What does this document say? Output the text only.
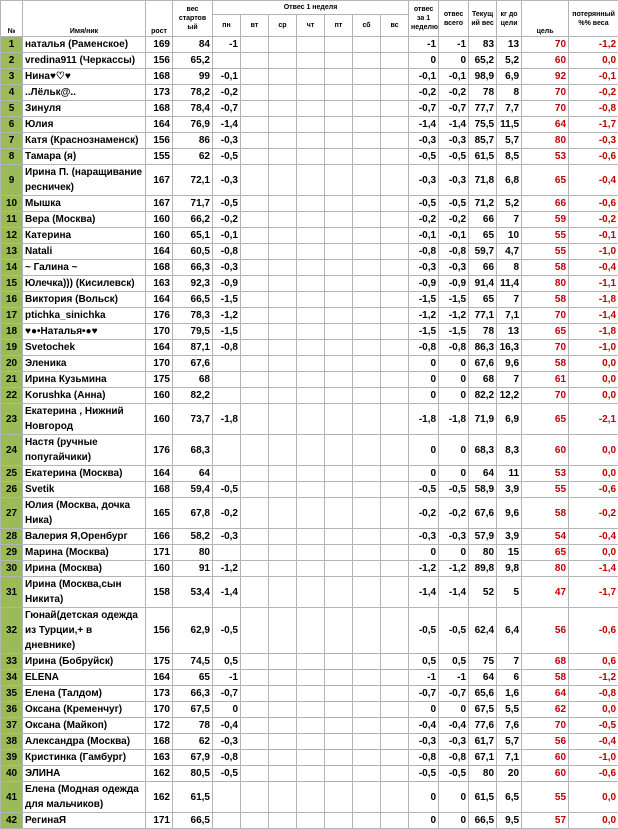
№	Имя/ник	рост	вес стартов ый	Отвес 1 неделя							отвес за 1 неделю	отвес всего	Текущ ий вес	кг до цели	цель	потерянный %% веса
				пн	вт	ср	чт	пт	сб	вс						
1	наталья (Раменское)	169	84	-1							-1	-1	83	13	70	-1,2
2	vredina911 (Черкассы)	156	65,2								0	0	65,2	5,2	60	0,0
3	Нина♥♡♥	168	99	-0,1							-0,1	-0,1	98,9	6,9	92	-0,1
4	..Лёльк@..	173	78,2	-0,2							-0,2	-0,2	78	8	70	-0,2
5	Зинуля	168	78,4	-0,7							-0,7	-0,7	77,7	7,7	70	-0,8
6	Юлия	164	76,9	-1,4							-1,4	-1,4	75,5	11,5	64	-1,7
7	Катя (Краснознаменск)	156	86	-0,3							-0,3	-0,3	85,7	5,7	80	-0,3
8	Тамара (я)	155	62	-0,5							-0,5	-0,5	61,5	8,5	53	-0,6
9	Ирина П. (наращивание ресничек)	167	72,1	-0,3							-0,3	-0,3	71,8	6,8	65	-0,4
10	Мышка	167	71,7	-0,5							-0,5	-0,5	71,2	5,2	66	-0,6
11	Вера (Москва)	160	66,2	-0,2							-0,2	-0,2	66	7	59	-0,2
12	Катерина	160	65,1	-0,1							-0,1	-0,1	65	10	55	-0,1
13	Natali	164	60,5	-0,8							-0,8	-0,8	59,7	4,7	55	-1,0
14	~ Галина ~	168	66,3	-0,3							-0,3	-0,3	66	8	58	-0,4
15	Юлечка))) (Кисилевск)	163	92,3	-0,9							-0,9	-0,9	91,4	11,4	80	-1,1
16	Виктория (Вольск)	164	66,5	-1,5							-1,5	-1,5	65	7	58	-1,8
17	ptichka_sinichka	176	78,3	-1,2							-1,2	-1,2	77,1	7,1	70	-1,4
18	♥●•Наталья•●♥	170	79,5	-1,5							-1,5	-1,5	78	13	65	-1,8
19	Svetochek	164	87,1	-0,8							-0,8	-0,8	86,3	16,3	70	-1,0
20	Эленика	170	67,6								0	0	67,6	9,6	58	0,0
21	Ирина Кузьмина	175	68								0	0	68	7	61	0,0
22	Korushka (Анна)	160	82,2								0	0	82,2	12,2	70	0,0
23	Екатерина , Нижний Новгород	160	73,7	-1,8							-1,8	-1,8	71,9	6,9	65	-2,1
24	Настя (ручные попугайчики)	176	68,3								0	0	68,3	8,3	60	0,0
25	Екатерина (Москва)	164	64								0	0	64	11	53	0,0
26	Svetik	168	59,4	-0,5							-0,5	-0,5	58,9	3,9	55	-0,6
27	Юлия (Москва, дочка Ника)	165	67,8	-0,2							-0,2	-0,2	67,6	9,6	58	-0,2
28	Валерия Я,Оренбург	166	58,2	-0,3							-0,3	-0,3	57,9	3,9	54	-0,4
29	Марина (Москва)	171	80								0	0	80	15	65	0,0
30	Ирина (Москва)	160	91	-1,2							-1,2	-1,2	89,8	9,8	80	-1,4
31	Ирина (Москва,сын Никита)	158	53,4	-1,4							-1,4	-1,4	52	5	47	-1,7
32	Гюнай(детская одежда из Турции,+ в дневнике)	156	62,9	-0,5							-0,5	-0,5	62,4	6,4	56	-0,6
33	Ирина (Бобруйск)	175	74,5	0,5							0,5	0,5	75	7	68	0,6
34	ELENA	164	65	-1							-1	-1	64	6	58	-1,2
35	Елена (Талдом)	173	66,3	-0,7							-0,7	-0,7	65,6	1,6	64	-0,8
36	Оксана (Кременчуг)	170	67,5	0							0	0	67,5	5,5	62	0,0
37	Оксана (Майкоп)	172	78	-0,4							-0,4	-0,4	77,6	7,6	70	-0,5
38	Александра (Москва)	168	62	-0,3							-0,3	-0,3	61,7	5,7	56	-0,4
39	Кристинка (Гамбург)	163	67,9	-0,8							-0,8	-0,8	67,1	7,1	60	-1,0
40	ЭЛИНА	162	80,5	-0,5							-0,5	-0,5	80	20	60	-0,6
41	Елена (Модная одежда для мальчиков)	162	61,5								0	0	61,5	6,5	55	0,0
42	РегинаЯ	171	66,5								0	0	66,5	9,5	57	0,0
